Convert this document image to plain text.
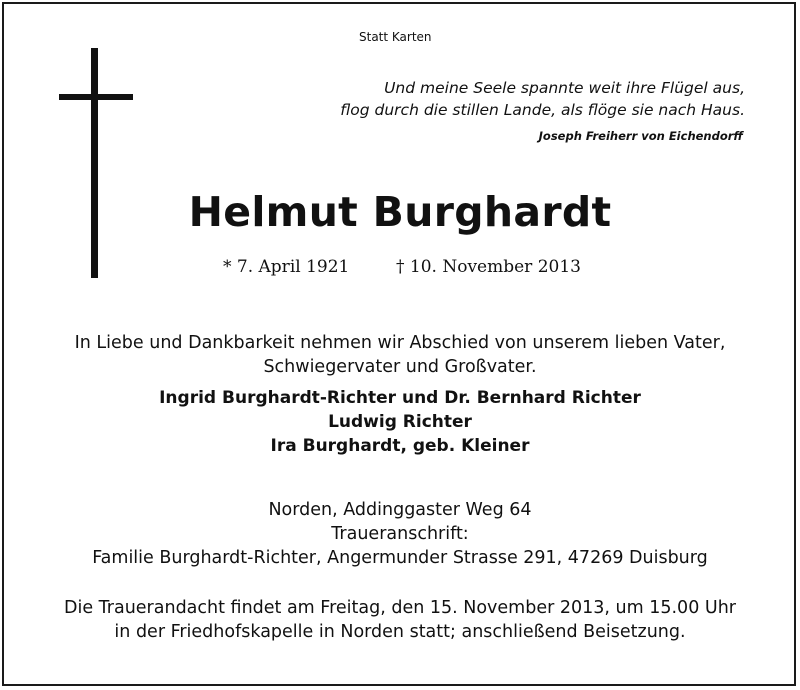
Statt Karten
Und meine Seele spannte weit ihre Flügel aus,
flog durch die stillen Lande, als flöge sie nach Haus.
Joseph Freiherr von Eichendorff
Helmut Burghardt
* 7. April 1921	† 10. November 2013
In Liebe und Dankbarkeit nehmen wir Abschied von unserem lieben Vater,
Schwiegervater und Großvater.
Ingrid Burghardt-Richter und Dr. Bernhard Richter
Ludwig Richter
Ira Burghardt, geb. Kleiner
Norden, Addinggaster Weg 64
Traueranschrift:
Familie Burghardt-Richter, Angermunder Strasse 291, 47269 Duisburg
Die Trauerandacht findet am Freitag, den 15. November 2013, um 15.00 Uhr
in der Friedhofskapelle in Norden statt; anschließend Beisetzung.
